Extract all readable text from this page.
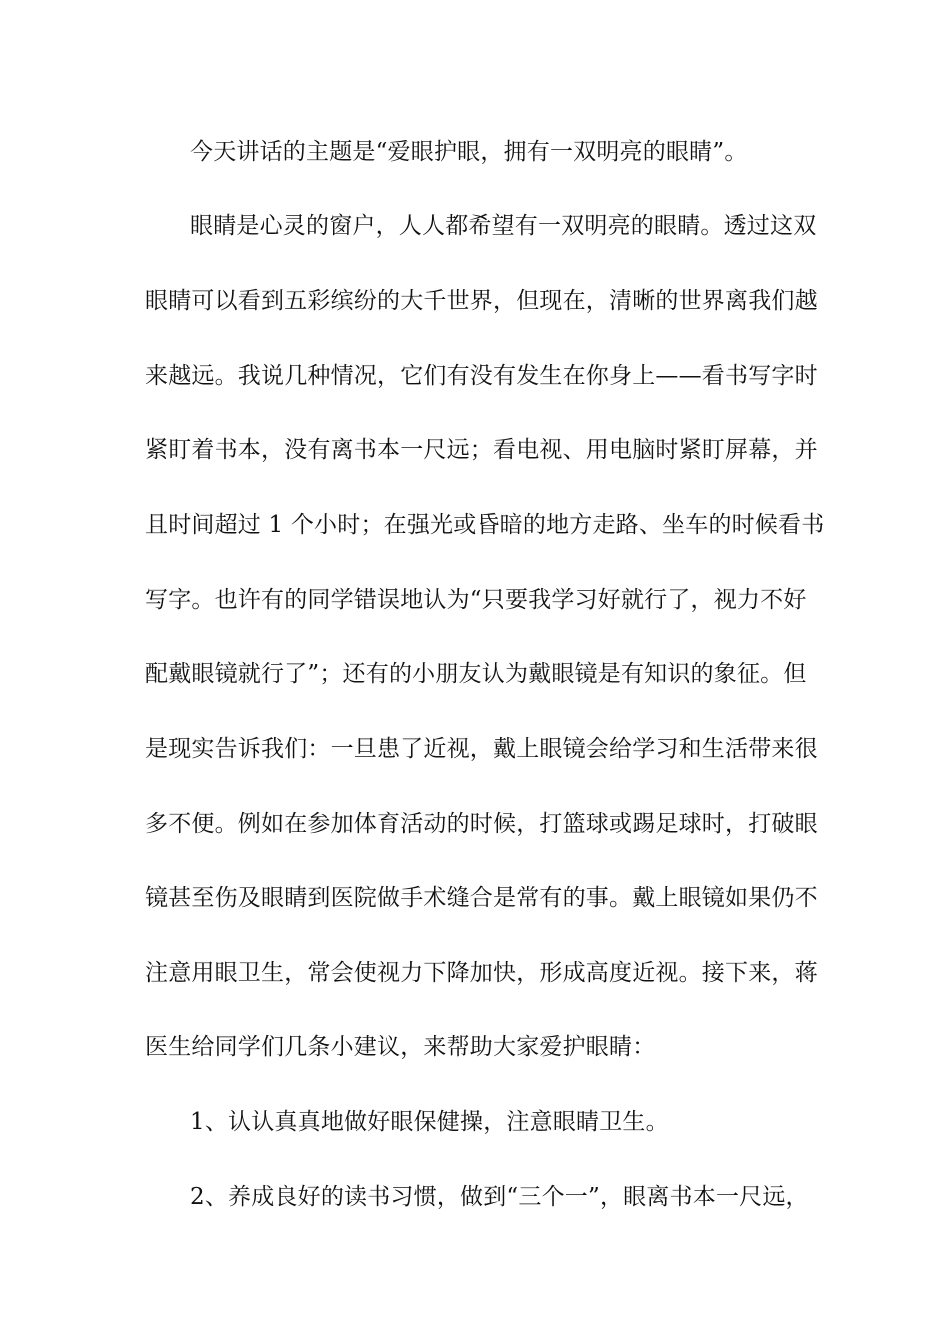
今天讲话的主题是“爱眼护眼，拥有一双明亮的眼睛”。
眼睛是心灵的窗户，人人都希望有一双明亮的眼睛。透过这双
眼睛可以看到五彩缤纷的大千世界，但现在，清晰的世界离我们越
来越远。我说几种情况，它们有没有发生在你身上——看书写字时
紧盯着书本，没有离书本一尺远；看电视、用电脑时紧盯屏幕，并
且时间超过 1 个小时；在强光或昏暗的地方走路、坐车的时候看书
写字。也许有的同学错误地认为“只要我学习好就行了，视力不好
配戴眼镜就行了”；还有的小朋友认为戴眼镜是有知识的象征。但
是现实告诉我们：一旦患了近视，戴上眼镜会给学习和生活带来很
多不便。例如在参加体育活动的时候，打篮球或踢足球时，打破眼
镜甚至伤及眼睛到医院做手术缝合是常有的事。戴上眼镜如果仍不
注意用眼卫生，常会使视力下降加快，形成高度近视。接下来，蒋
医生给同学们几条小建议，来帮助大家爱护眼睛：
1、认认真真地做好眼保健操，注意眼睛卫生。
2、养成良好的读书习惯，做到“三个一”，眼离书本一尺远，
